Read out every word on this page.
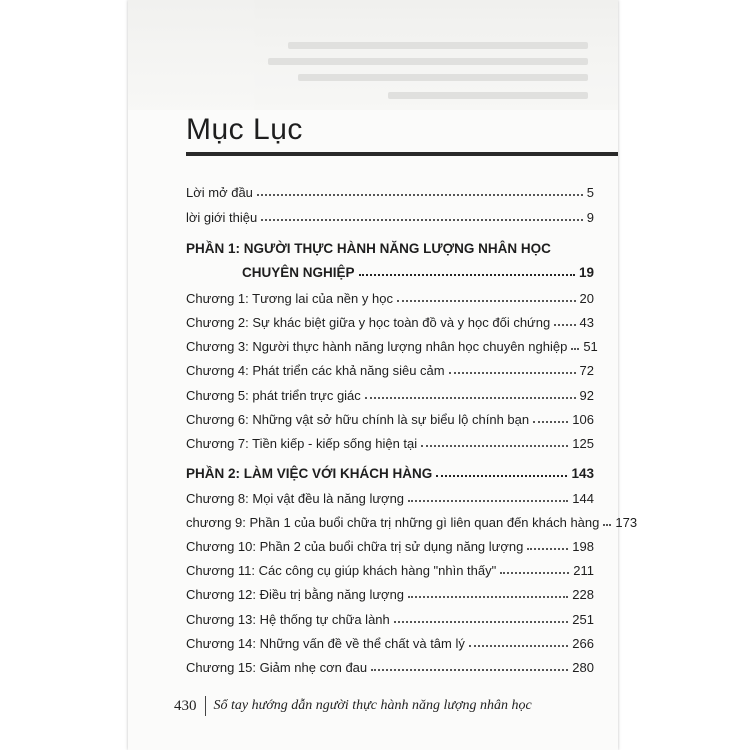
Mục Lục
Lời mở đầu	5
lời giới thiệu	9
PHẦN 1: NGƯỜI THỰC HÀNH NĂNG LƯỢNG NHÂN HỌC
CHUYÊN NGHIỆP	19
Chương 1: Tương lai của nền y học	20
Chương 2: Sự khác biệt giữa y học toàn đồ và y học đối chứng	43
Chương 3: Người thực hành năng lượng nhân học chuyên nghiệp	51
Chương 4: Phát triển các khả năng siêu cảm	72
Chương 5: phát triển trực giác	92
Chương 6: Những vật sở hữu chính là sự biểu lộ chính bạn	106
Chương 7: Tiền kiếp - kiếp sống hiện tại	125
PHẦN 2: LÀM VIỆC VỚI KHÁCH HÀNG	143
Chương 8: Mọi vật đều là năng lượng	144
chương 9: Phần 1 của buổi chữa trị những gì liên quan đến khách hàng	173
Chương 10: Phần 2 của buổi chữa trị sử dụng năng lượng	198
Chương 11: Các công cụ giúp khách hàng "nhìn thấy"	211
Chương 12: Điều trị bằng năng lượng	228
Chương 13: Hệ thống tự chữa lành	251
Chương 14: Những vấn đề về thể chất và tâm lý	266
Chương 15: Giảm nhẹ cơn đau	280
430	Sổ tay hướng dẫn người thực hành năng lượng nhân học
